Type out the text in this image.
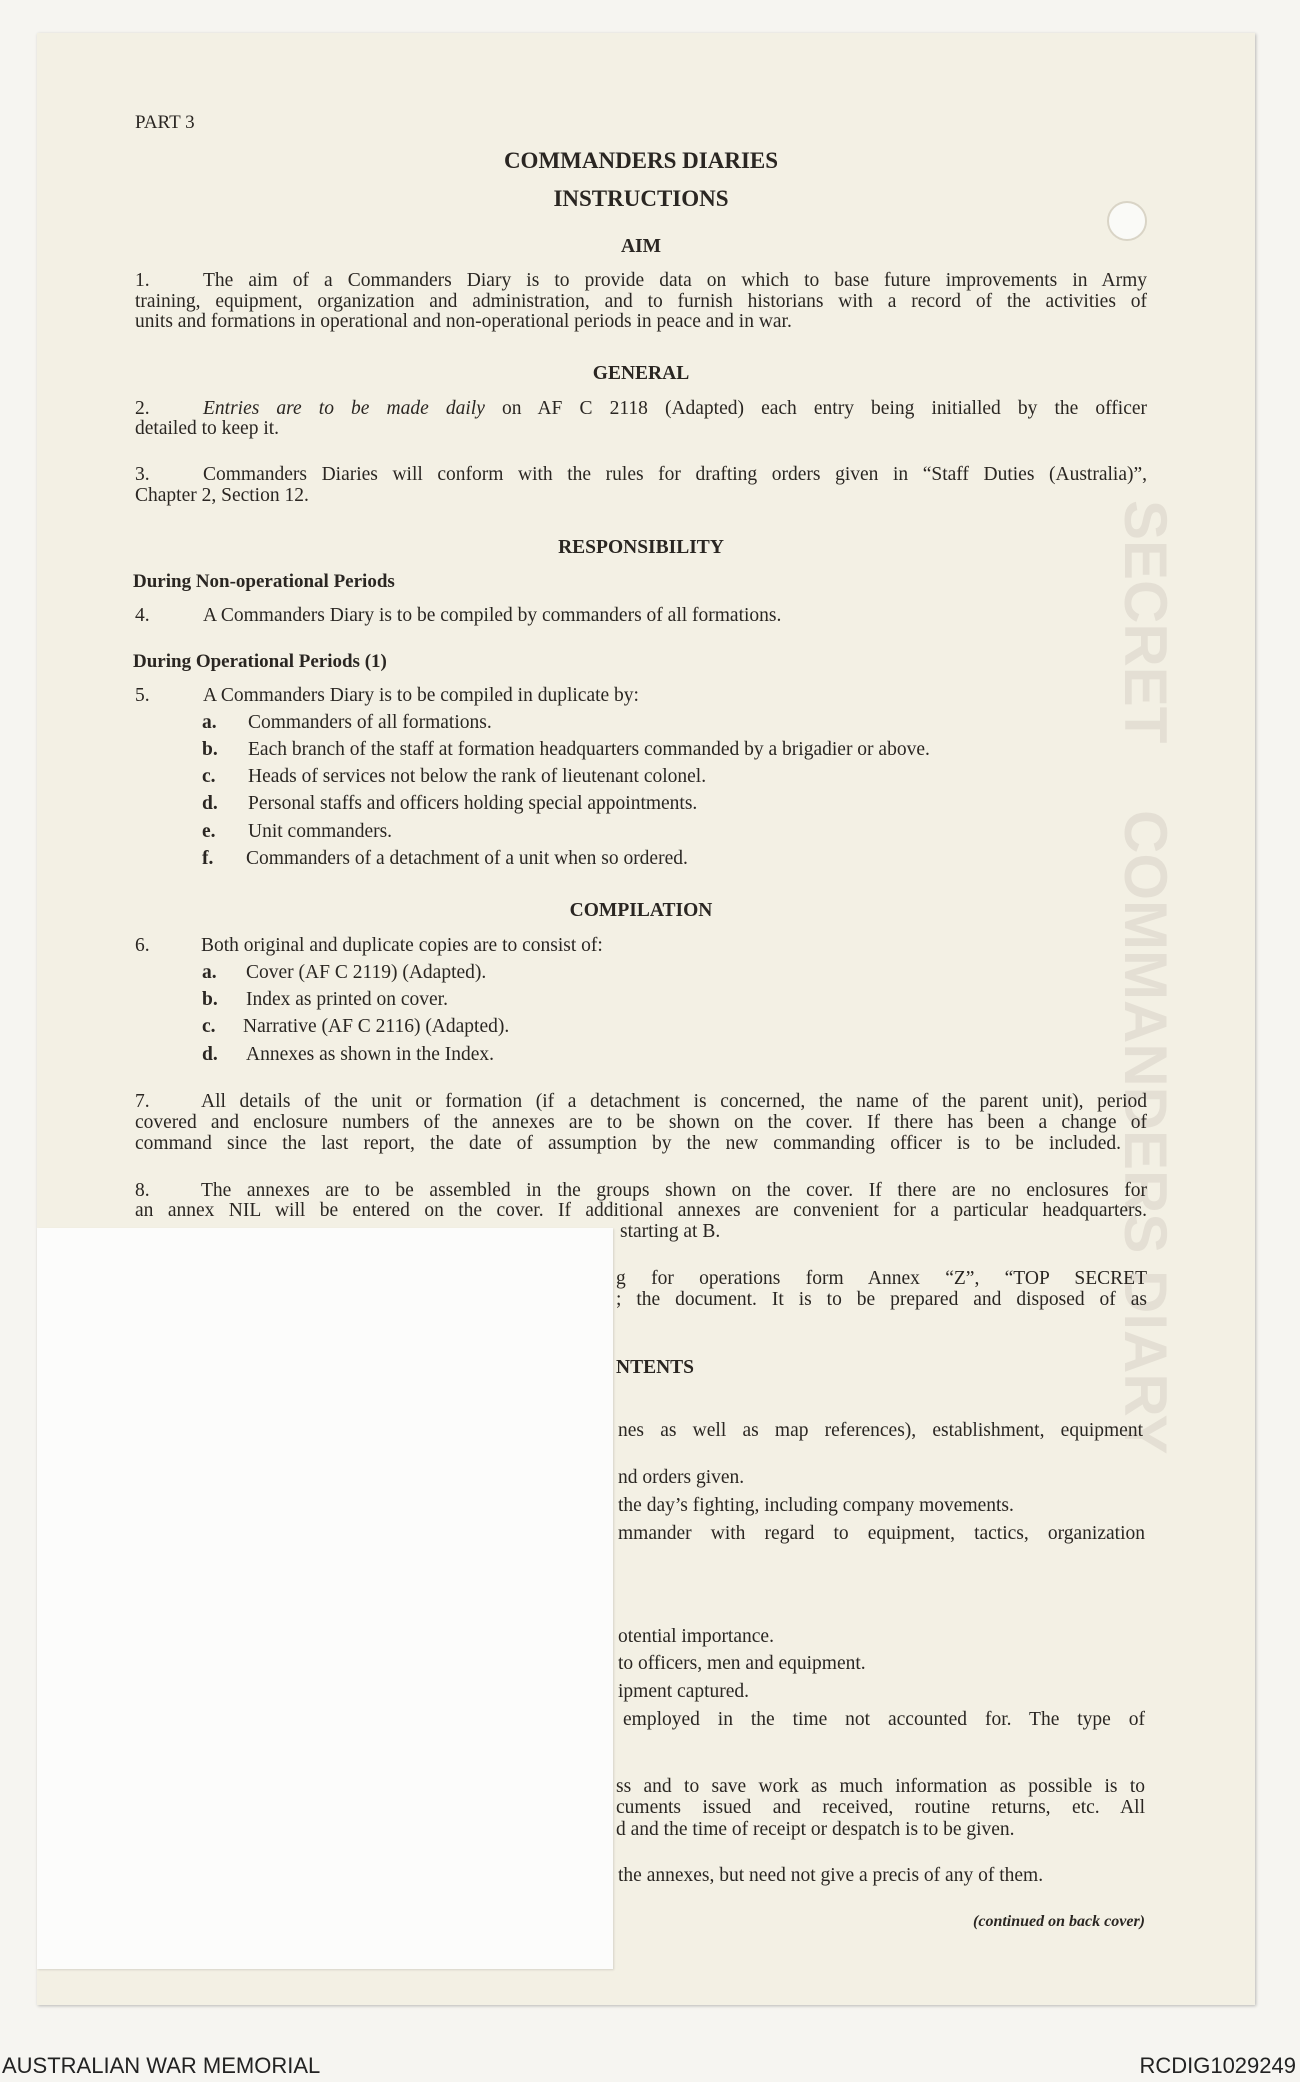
SECRET    COMMANDERS DIARY
PART 3
COMMANDERS DIARIES
INSTRUCTIONS
AIM
1.	The aim of a Commanders Diary is to provide data on which to base future improvements in Army
training, equipment, organization and administration, and to furnish historians with a record of the activities of
units and formations in operational and non-operational periods in peace and in war.
GENERAL
2.	Entries are to be made daily on AF C 2118 (Adapted) each entry being initialled by the officer
detailed to keep it.
3.	Commanders Diaries will conform with the rules for drafting orders given in “Staff Duties (Australia)”,
Chapter 2, Section 12.
RESPONSIBILITY
During Non-operational Periods
4.	A Commanders Diary is to be compiled by commanders of all formations.
During Operational Periods (1)
5.	A Commanders Diary is to be compiled in duplicate by:
a. Commanders of all formations.
b. Each branch of the staff at formation headquarters commanded by a brigadier or above.
c. Heads of services not below the rank of lieutenant colonel.
d. Personal staffs and officers holding special appointments.
e. Unit commanders.
f. Commanders of a detachment of a unit when so ordered.
COMPILATION
6.	Both original and duplicate copies are to consist of:
a. Cover (AF C 2119) (Adapted).
b. Index as printed on cover.
c. Narrative (AF C 2116) (Adapted).
d. Annexes as shown in the Index.
7.	All details of the unit or formation (if a detachment is concerned, the name of the parent unit), period
covered and enclosure numbers of the annexes are to be shown on the cover. If there has been a change of
command since the last report, the date of assumption by the new commanding officer is to be included.
8.	The annexes are to be assembled in the groups shown on the cover. If there are no enclosures for
an annex NIL will be entered on the cover. If additional annexes are convenient for a particular headquarters.
starting at B.
g for operations form Annex “Z”, “TOP SECRET
; the document. It is to be prepared and disposed of as
NTENTS
nes as well as map references), establishment, equipment
nd orders given.
the day’s fighting, including company movements.
mmander with regard to equipment, tactics, organization
otential importance.
to officers, men and equipment.
ipment captured.
employed in the time not accounted for. The type of
ss and to save work as much information as possible is to
cuments issued and received, routine returns, etc. All
d and the time of receipt or despatch is to be given.
the annexes, but need not give a precis of any of them.
(continued on back cover)
AUSTRALIAN WAR MEMORIAL	RCDIG1029249
